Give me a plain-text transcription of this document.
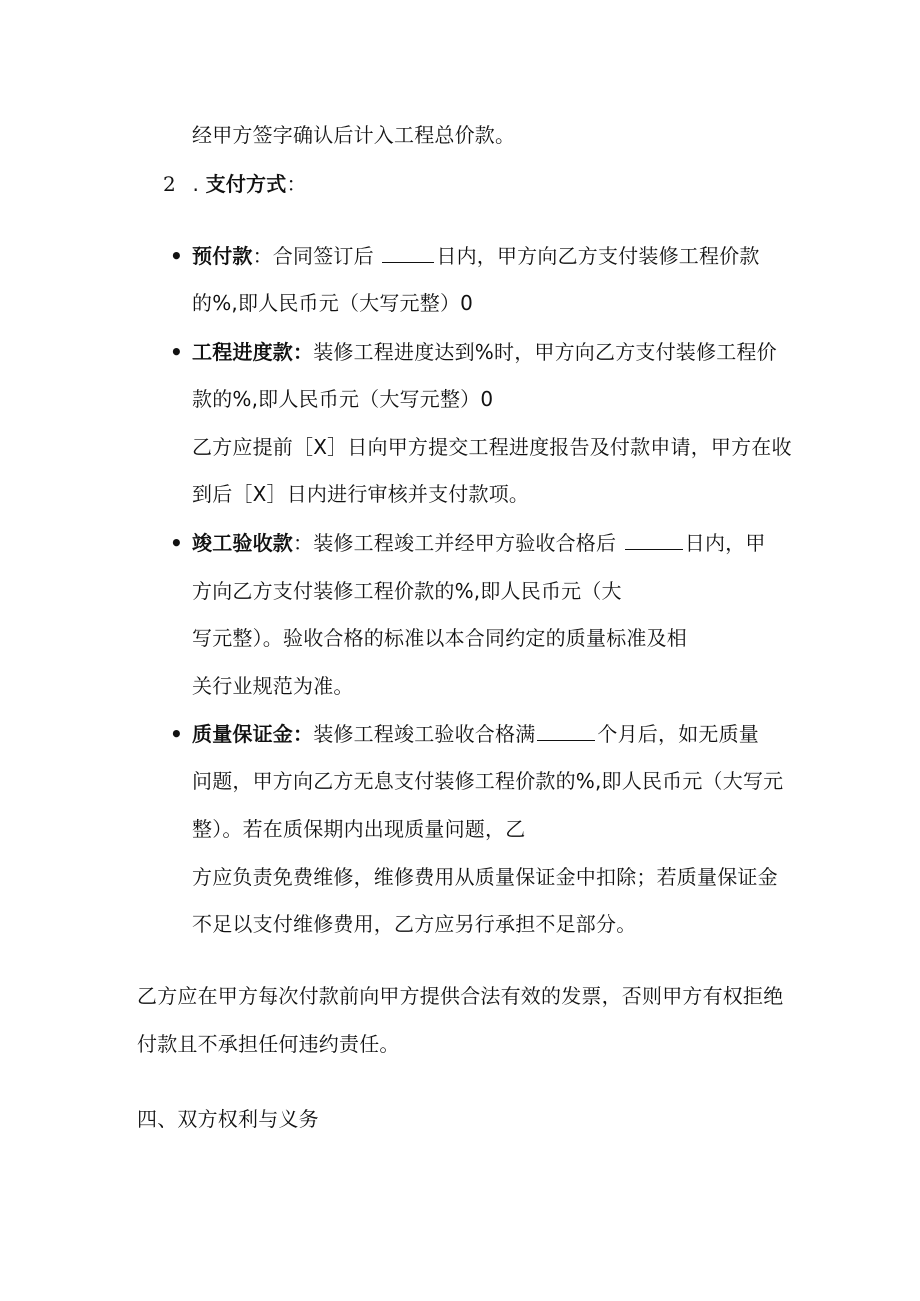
经甲方签字确认后计入工程总价款。
2 . 支付方式：
• 预付款：合同签订后	日内，甲方向乙方支付装修工程价款
的%,即人民币元（大写元整）0
• 工程进度款：装修工程进度达到%时，甲方向乙方支付装修工程价
款的%,即人民币元（大写元整）0
乙方应提前［X］日向甲方提交工程进度报告及付款申请，甲方在收
到后［X］日内进行审核并支付款项。
• 竣工验收款：装修工程竣工并经甲方验收合格后	日内，甲
方向乙方支付装修工程价款的%,即人民币元（大
写元整）。验收合格的标准以本合同约定的质量标准及相
关行业规范为准。
• 质量保证金：装修工程竣工验收合格满	个月后，如无质量
问题，甲方向乙方无息支付装修工程价款的%,即人民币元（大写元
整）。若在质保期内出现质量问题，乙
方应负责免费维修，维修费用从质量保证金中扣除；若质量保证金
不足以支付维修费用，乙方应另行承担不足部分。
乙方应在甲方每次付款前向甲方提供合法有效的发票，否则甲方有权拒绝
付款且不承担任何违约责任。
四、双方权利与义务
